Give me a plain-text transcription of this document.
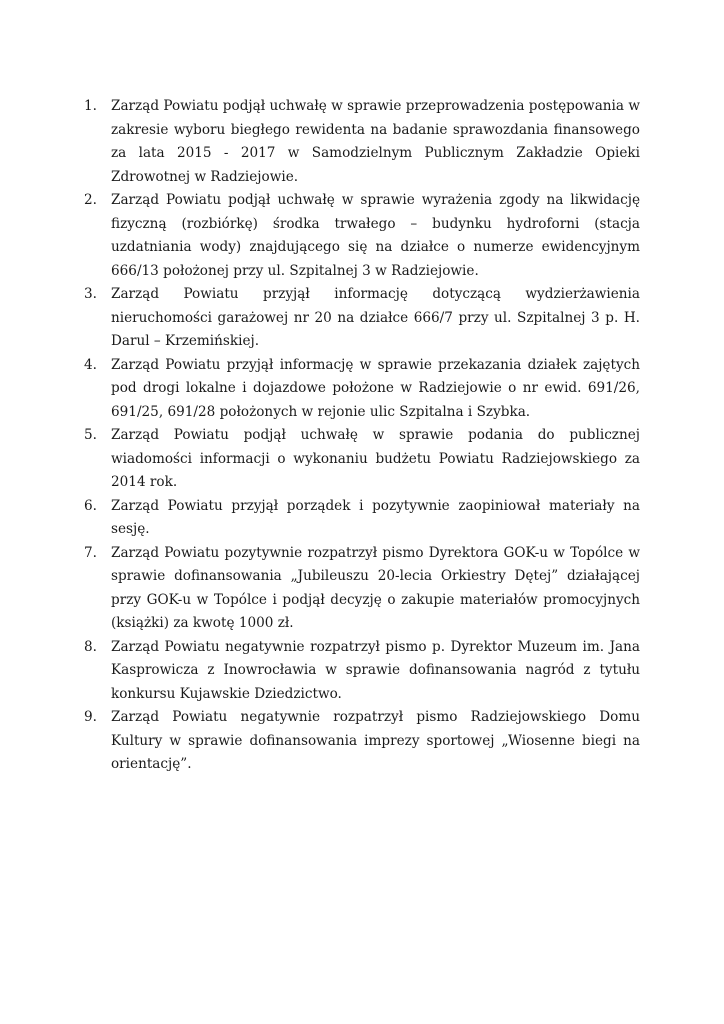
1.	Zarząd Powiatu podjął uchwałę w sprawie przeprowadzenia postępowania w zakresie wyboru biegłego rewidenta na badanie sprawozdania finansowego za lata 2015 - 2017 w Samodzielnym Publicznym Zakładzie Opieki Zdrowotnej w Radziejowie.
2.	Zarząd Powiatu podjął uchwałę w sprawie wyrażenia zgody na likwidację fizyczną (rozbiórkę) środka trwałego – budynku hydroforni (stacja uzdatniania wody) znajdującego się na działce o numerze ewidencyjnym 666/13 położonej przy ul. Szpitalnej 3 w Radziejowie.
3.	Zarząd Powiatu przyjął informację dotyczącą wydzierżawienia nieruchomości garażowej nr 20 na działce 666/7 przy ul. Szpitalnej 3 p. H. Darul – Krzemińskiej.
4.	Zarząd Powiatu przyjął informację w sprawie przekazania działek zajętych pod drogi lokalne i dojazdowe położone w Radziejowie o nr ewid. 691/26, 691/25, 691/28 położonych w rejonie ulic Szpitalna i Szybka.
5.	Zarząd Powiatu podjął uchwałę w sprawie podania do publicznej wiadomości informacji o wykonaniu budżetu Powiatu Radziejowskiego za 2014 rok.
6.	Zarząd Powiatu przyjął porządek i pozytywnie zaopiniował materiały na sesję.
7.	Zarząd Powiatu pozytywnie rozpatrzył pismo Dyrektora GOK-u w Topólce w sprawie dofinansowania „Jubileuszu 20-lecia Orkiestry Dętej” działającej przy GOK-u w Topólce i podjął decyzję o zakupie materiałów promocyjnych (książki) za kwotę 1000 zł.
8.	Zarząd Powiatu negatywnie rozpatrzył pismo p. Dyrektor Muzeum im. Jana Kasprowicza z Inowrocławia w sprawie dofinansowania nagród z tytułu konkursu Kujawskie Dziedzictwo.
9.	Zarząd Powiatu negatywnie rozpatrzył pismo Radziejowskiego Domu Kultury w sprawie dofinansowania imprezy sportowej „Wiosenne biegi na orientację”.
